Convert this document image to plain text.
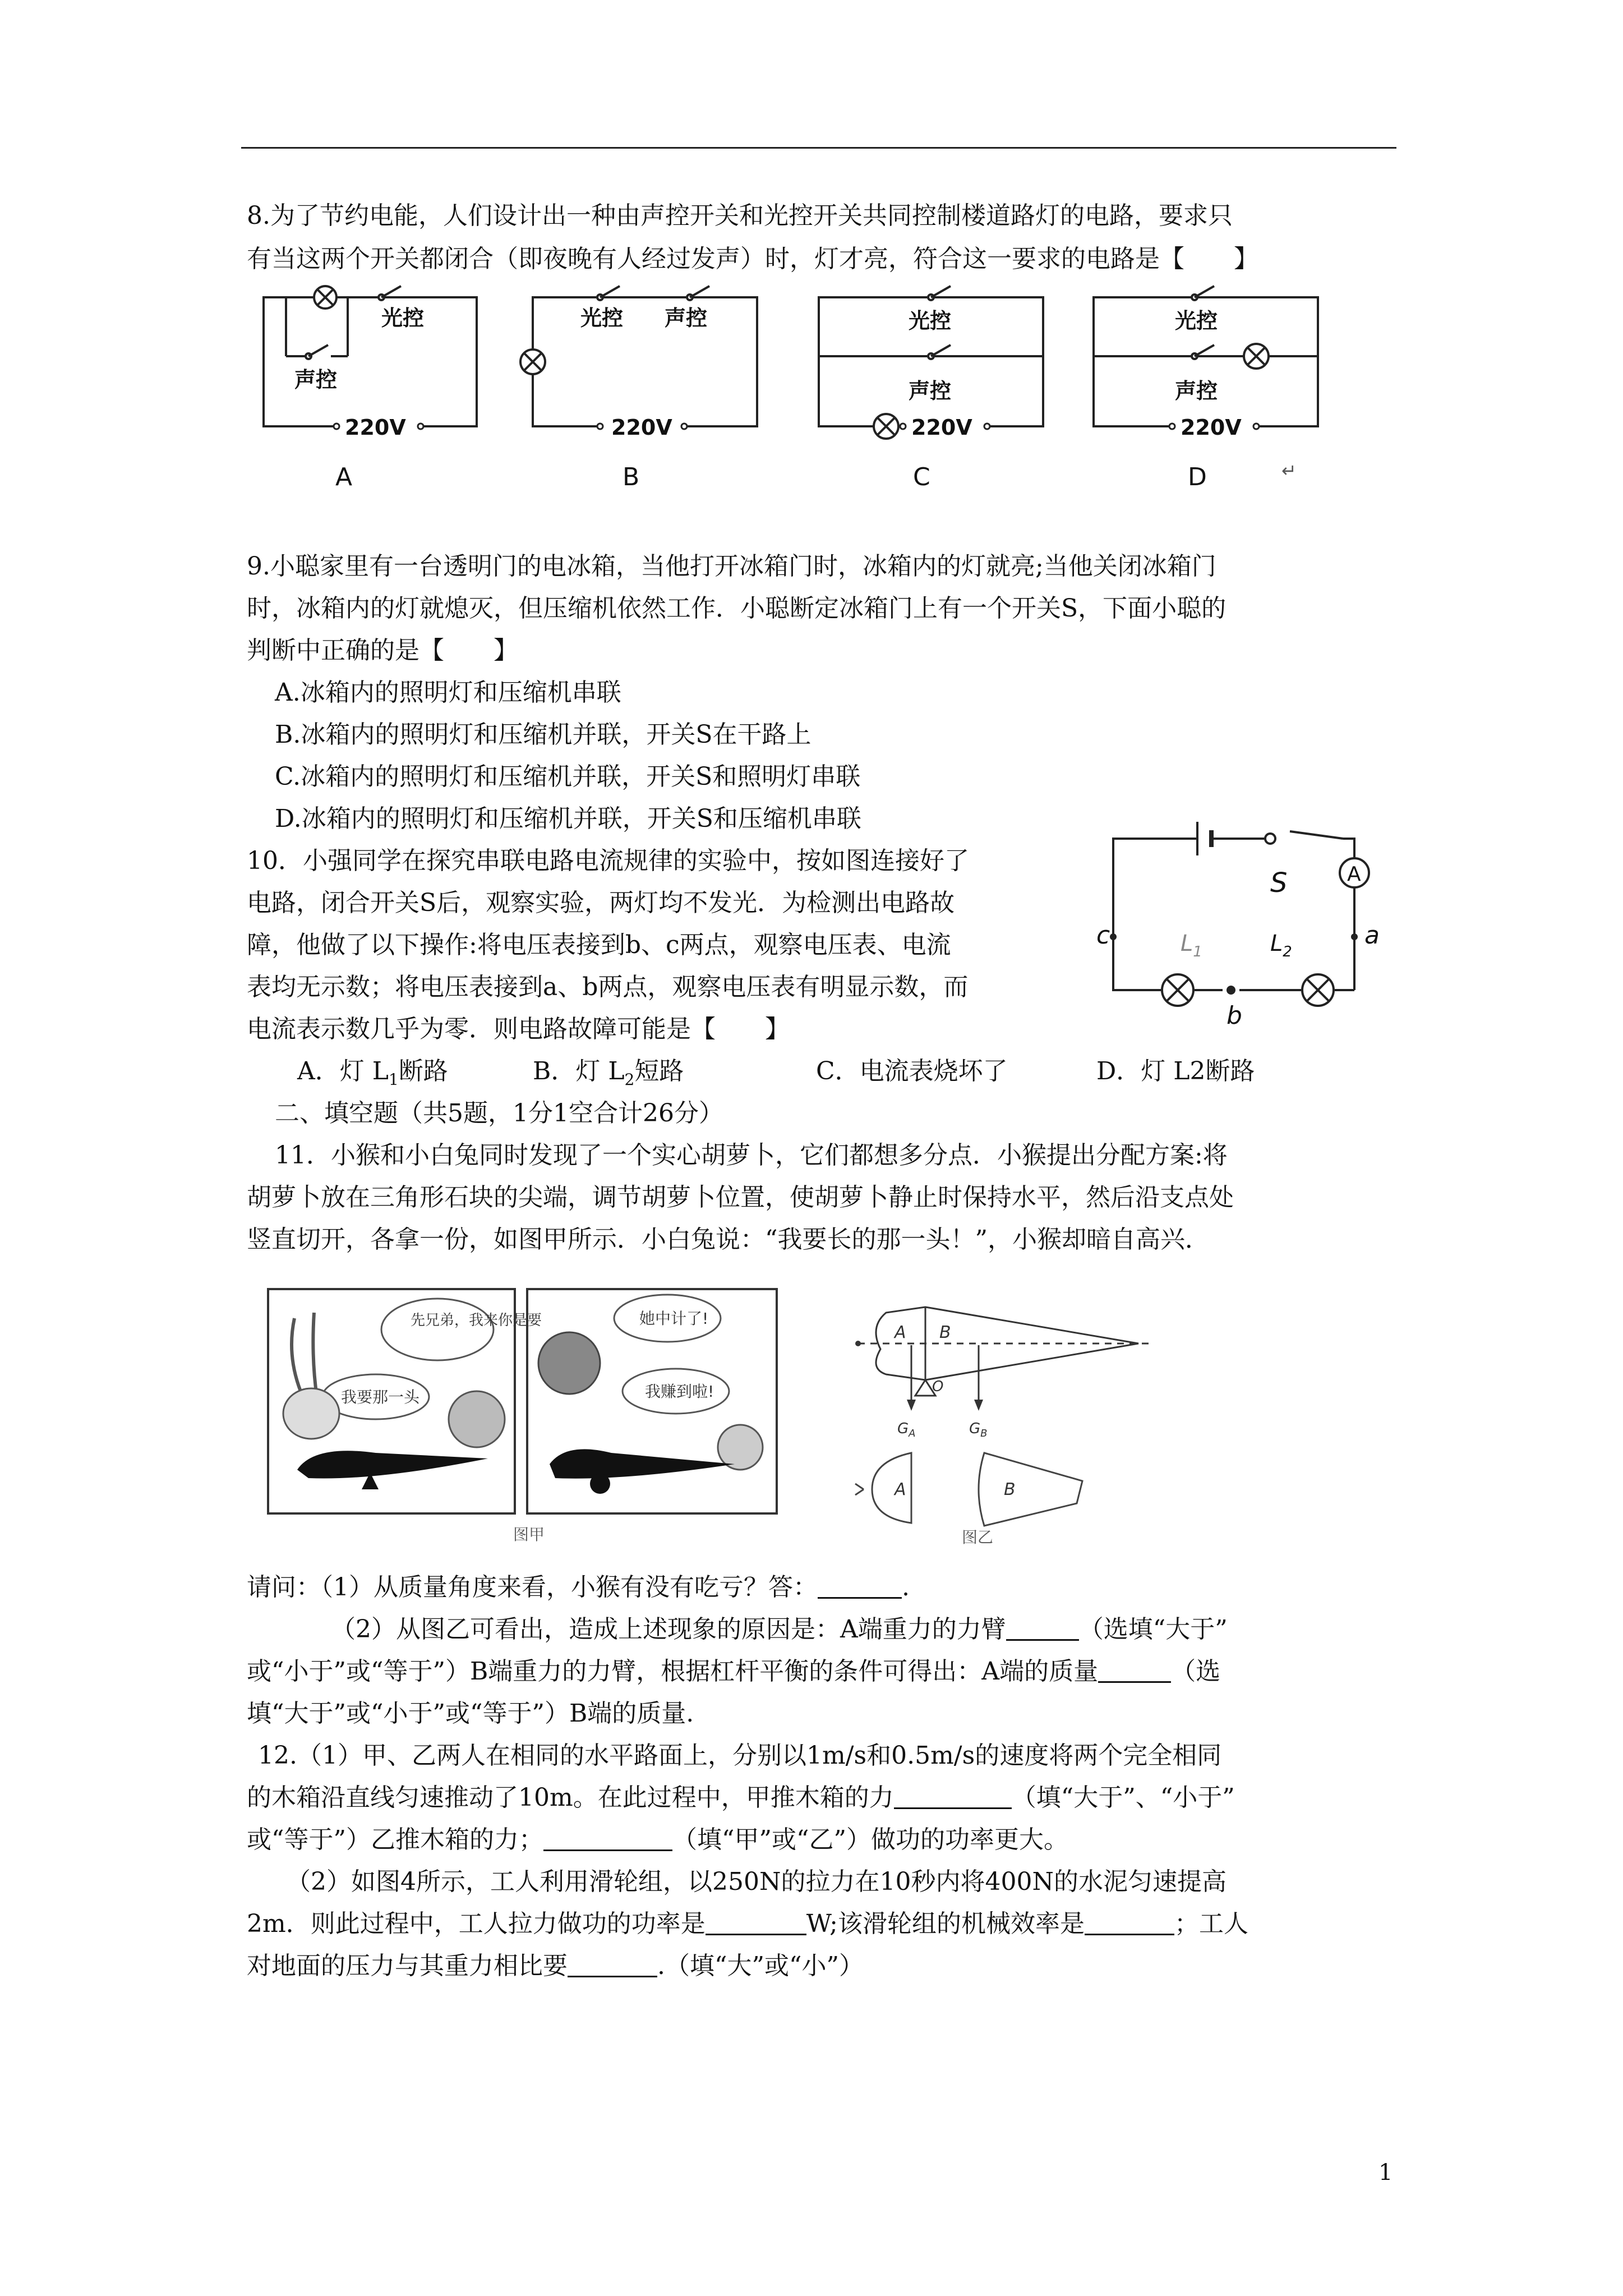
8.为了节约电能，人们设计出一种由声控开关和光控开关共同控制楼道路灯的电路，要求只
有当这两个开关都闭合（即夜晚有人经过发声）时，灯才亮，符合这一要求的电路是【　　】
光控
声控
220V
光控 声控
220V
光控
声控
220V
光控
声控
220V
A	B	C	D	↵
9.小聪家里有一台透明门的电冰箱，当他打开冰箱门时，冰箱内的灯就亮;当他关闭冰箱门
时，冰箱内的灯就熄灭，但压缩机依然工作．小聪断定冰箱门上有一个开关S，下面小聪的
判断中正确的是【　　】
A.冰箱内的照明灯和压缩机串联
B.冰箱内的照明灯和压缩机并联，开关S在干路上
C.冰箱内的照明灯和压缩机并联，开关S和照明灯串联
D.冰箱内的照明灯和压缩机并联，开关S和压缩机串联
10．小强同学在探究串联电路电流规律的实验中，按如图连接好了
电路，闭合开关S后，观察实验，两灯均不发光．为检测出电路故
障，他做了以下操作:将电压表接到b、c两点，观察电压表、电流
表均无示数；将电压表接到a、b两点，观察电压表有明显示数，而
电流表示数几乎为零．则电路故障可能是【　　】
S	A
a
b
c	$L_1$	$L_2$
A．灯 $L_1$断路	B．灯 $L_2$短路	C．电流表烧坏了	D．灯 L2断路
二、填空题（共5题，1分1空合计26分）
11．小猴和小白兔同时发现了一个实心胡萝卜，它们都想多分点．小猴提出分配方案:将
胡萝卜放在三角形石块的尖端，调节胡萝卜位置，使胡萝卜静止时保持水平，然后沿支点处
竖直切开，各拿一份，如图甲所示．小白兔说：“我要长的那一头！”，小猴却暗自高兴．
先兄弟，我来你是要
我要那一头
她中计了!
我赚到啦!
图甲
A B
O
$G_A$	$G_B$
A	B
图乙
请问：（1）从质量角度来看，小猴有没有吃亏？答：	.
（2）从图乙可看出，造成上述现象的原因是：A端重力的力臂	（选填“大于”
或“小于”或“等于”）B端重力的力臂，根据杠杆平衡的条件可得出：A端的质量	（选
填“大于”或“小于”或“等于”）B端的质量.
12.（1）甲、乙两人在相同的水平路面上，分别以1m/s和0.5m/s的速度将两个完全相同
的木箱沿直线匀速推动了10m。在此过程中，甲推木箱的力	（填“大于”、“小于”
或“等于”）乙推木箱的力；	（填“甲”或“乙”）做功的功率更大。
（2）如图4所示，工人利用滑轮组，以250N的拉力在10秒内将400N的水泥匀速提高
2m．则此过程中，工人拉力做功的功率是	W;该滑轮组的机械效率是	；工人
对地面的压力与其重力相比要	.（填“大”或“小”）
1
